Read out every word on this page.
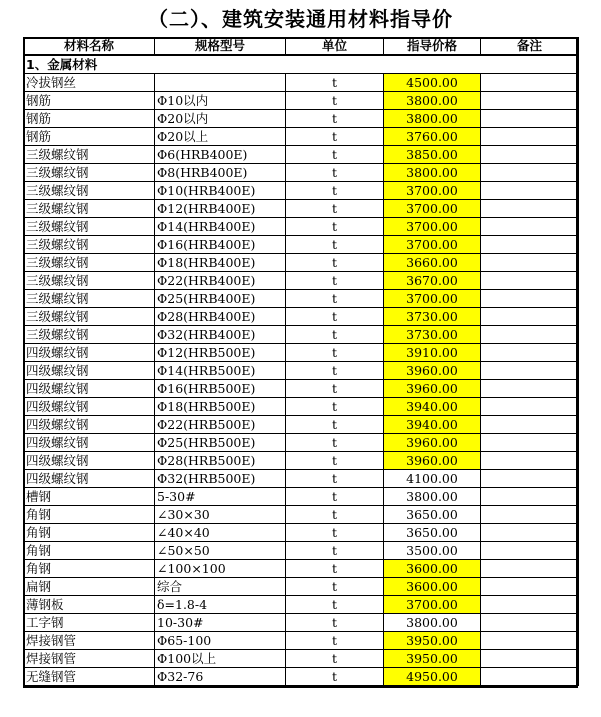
（二）、建筑安装通用材料指导价
材料名称	规格型号	单位	指导价格	备注
1、金属材料				
冷拔钢丝		t	4500.00	
钢筋	Φ10以内	t	3800.00	
钢筋	Φ20以内	t	3800.00	
钢筋	Φ20以上	t	3760.00	
三级螺纹钢	Φ6(HRB400E)	t	3850.00	
三级螺纹钢	Φ8(HRB400E)	t	3800.00	
三级螺纹钢	Φ10(HRB400E)	t	3700.00	
三级螺纹钢	Φ12(HRB400E)	t	3700.00	
三级螺纹钢	Φ14(HRB400E)	t	3700.00	
三级螺纹钢	Φ16(HRB400E)	t	3700.00	
三级螺纹钢	Φ18(HRB400E)	t	3660.00	
三级螺纹钢	Φ22(HRB400E)	t	3670.00	
三级螺纹钢	Φ25(HRB400E)	t	3700.00	
三级螺纹钢	Φ28(HRB400E)	t	3730.00	
三级螺纹钢	Φ32(HRB400E)	t	3730.00	
四级螺纹钢	Φ12(HRB500E)	t	3910.00	
四级螺纹钢	Φ14(HRB500E)	t	3960.00	
四级螺纹钢	Φ16(HRB500E)	t	3960.00	
四级螺纹钢	Φ18(HRB500E)	t	3940.00	
四级螺纹钢	Φ22(HRB500E)	t	3940.00	
四级螺纹钢	Φ25(HRB500E)	t	3960.00	
四级螺纹钢	Φ28(HRB500E)	t	3960.00	
四级螺纹钢	Φ32(HRB500E)	t	4100.00	
槽钢	5-30#	t	3800.00	
角钢	∠30×30	t	3650.00	
角钢	∠40×40	t	3650.00	
角钢	∠50×50	t	3500.00	
角钢	∠100×100	t	3600.00	
扁钢	综合	t	3600.00	
薄钢板	δ=1.8-4	t	3700.00	
工字钢	10-30#	t	3800.00	
焊接钢管	Φ65-100	t	3950.00	
焊接钢管	Φ100以上	t	3950.00	
无缝钢管	Φ32-76	t	4950.00	
